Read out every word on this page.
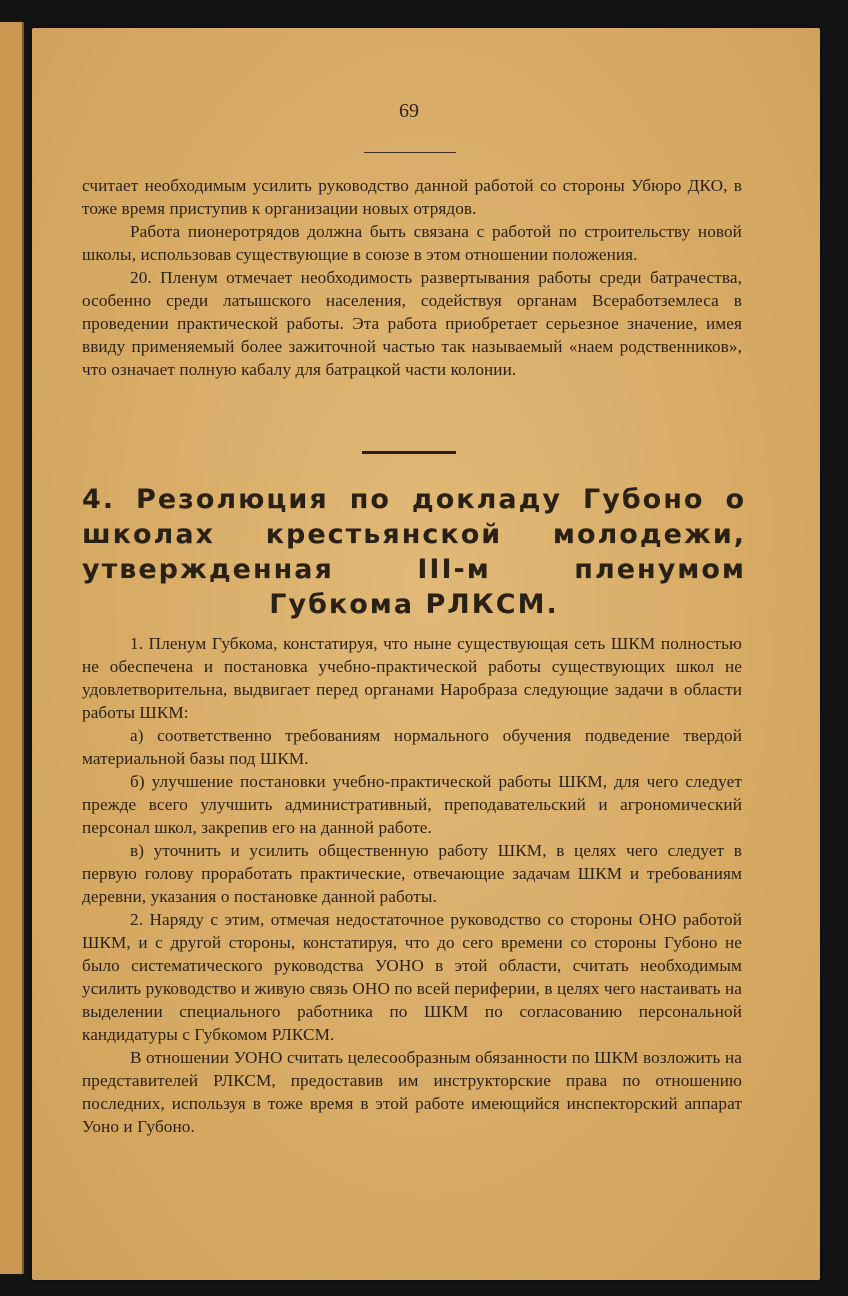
69

считает необходимым усилить руководство данной работой со стороны Убюро ДКО, в тоже время приступив к организации новых отрядов.

Работа пионеротрядов должна быть связана с работой по строительству новой школы, использовав существующие в союзе в этом отношении положения.

20. Пленум отмечает необходимость развертывания работы среди батрачества, особенно среди латышского населения, содействуя органам Всеработземлеса в проведении практической работы. Эта работа приобретает серьезное значение, имея ввиду применяемый более зажиточной частью так называемый «наем родственников», что означает полную кабалу для батрацкой части колонии.

4. Резолюция по докладу Губоно о школах крестьянской молодежи, утвержденная III-м пленумом Губкома РЛКСМ.

1. Пленум Губкома, констатируя, что ныне существующая сеть ШКМ полностью не обеспечена и постановка учебно-практической работы существующих школ не удовлетворительна, выдвигает перед органами Наробраза следующие задачи в области работы ШКМ:

а) соответственно требованиям нормального обучения подведение твердой материальной базы под ШКМ.

б) улучшение постановки учебно-практической работы ШКМ, для чего следует прежде всего улучшить административный, преподавательский и агрономический персонал школ, закрепив его на данной работе.

в) уточнить и усилить общественную работу ШКМ, в целях чего следует в первую голову проработать практические, отвечающие задачам ШКМ и требованиям деревни, указания о постановке данной работы.

2. Наряду с этим, отмечая недостаточное руководство со стороны ОНО работой ШКМ, и с другой стороны, констатируя, что до сего времени со стороны Губоно не было систематического руководства УОНО в этой области, считать необходимым усилить руководство и живую связь ОНО по всей периферии, в целях чего настаивать на выделении специального работника по ШКМ по согласованию персональной кандидатуры с Губкомом РЛКСМ.

В отношении УОНО считать целесообразным обязанности по ШКМ возложить на представителей РЛКСМ, предоставив им инструкторские права по отношению последних, используя в тоже время в этой работе имеющийся инспекторский аппарат Уоно и Губоно.
